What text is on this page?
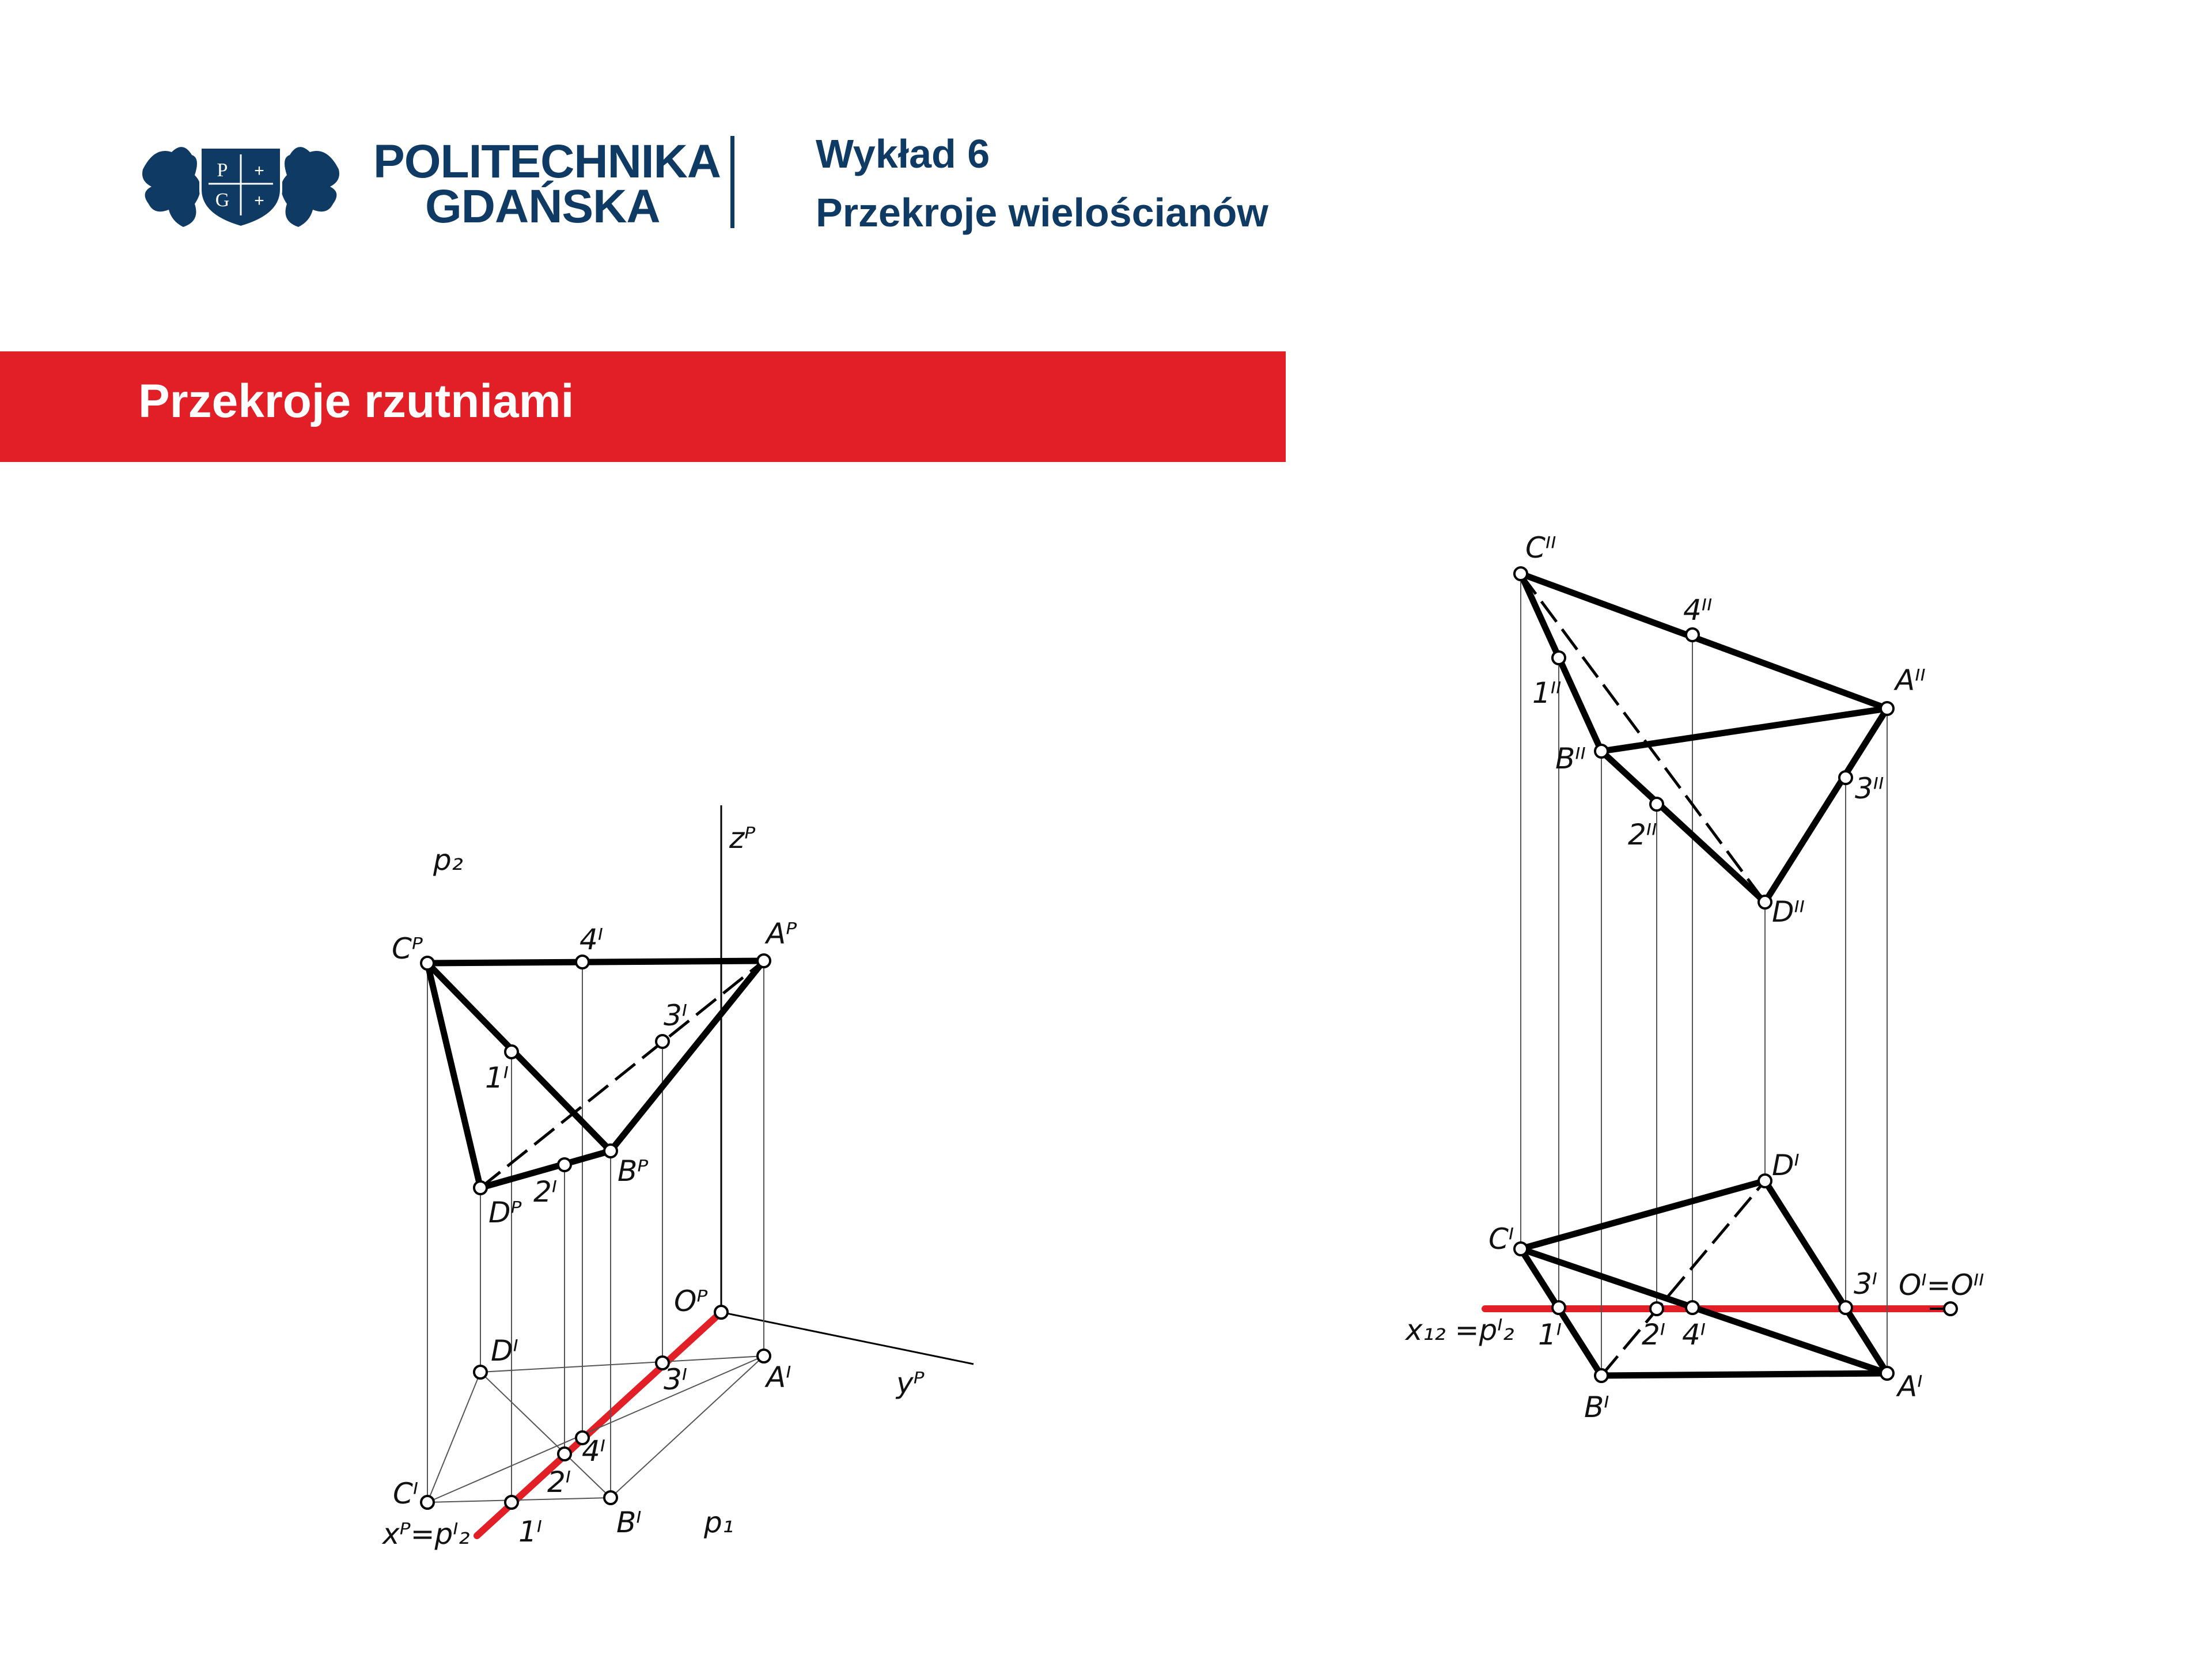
P
G
+
+
POLITECHNIKA
GDAŃSKA
Wykład 6
Przekroje wielościanów
Przekroje rzutniami
p₂
zᴾ
Cᴾ	4ᴵ	Aᴾ
3ᴵ
1ᴵ
Bᴾ
2ᴵ
Dᴾ
Oᴾ
yᴾ
Dᴵ
Aᴵ
3ᴵ
4ᴵ
2ᴵ
Cᴵ
Bᴵ
1ᴵ
xᴾ=pᴵ₂	p₁
Cᴵᴵ
4ᴵᴵ
1ᴵᴵ	Aᴵᴵ
Bᴵᴵ
3ᴵᴵ
2ᴵᴵ
Dᴵᴵ
Dᴵ
Cᴵ
3ᴵ Oᴵ=Oᴵᴵ
x₁₂ =pᴵ₂ 1ᴵ	2ᴵ 4ᴵ
Bᴵ
Aᴵ
